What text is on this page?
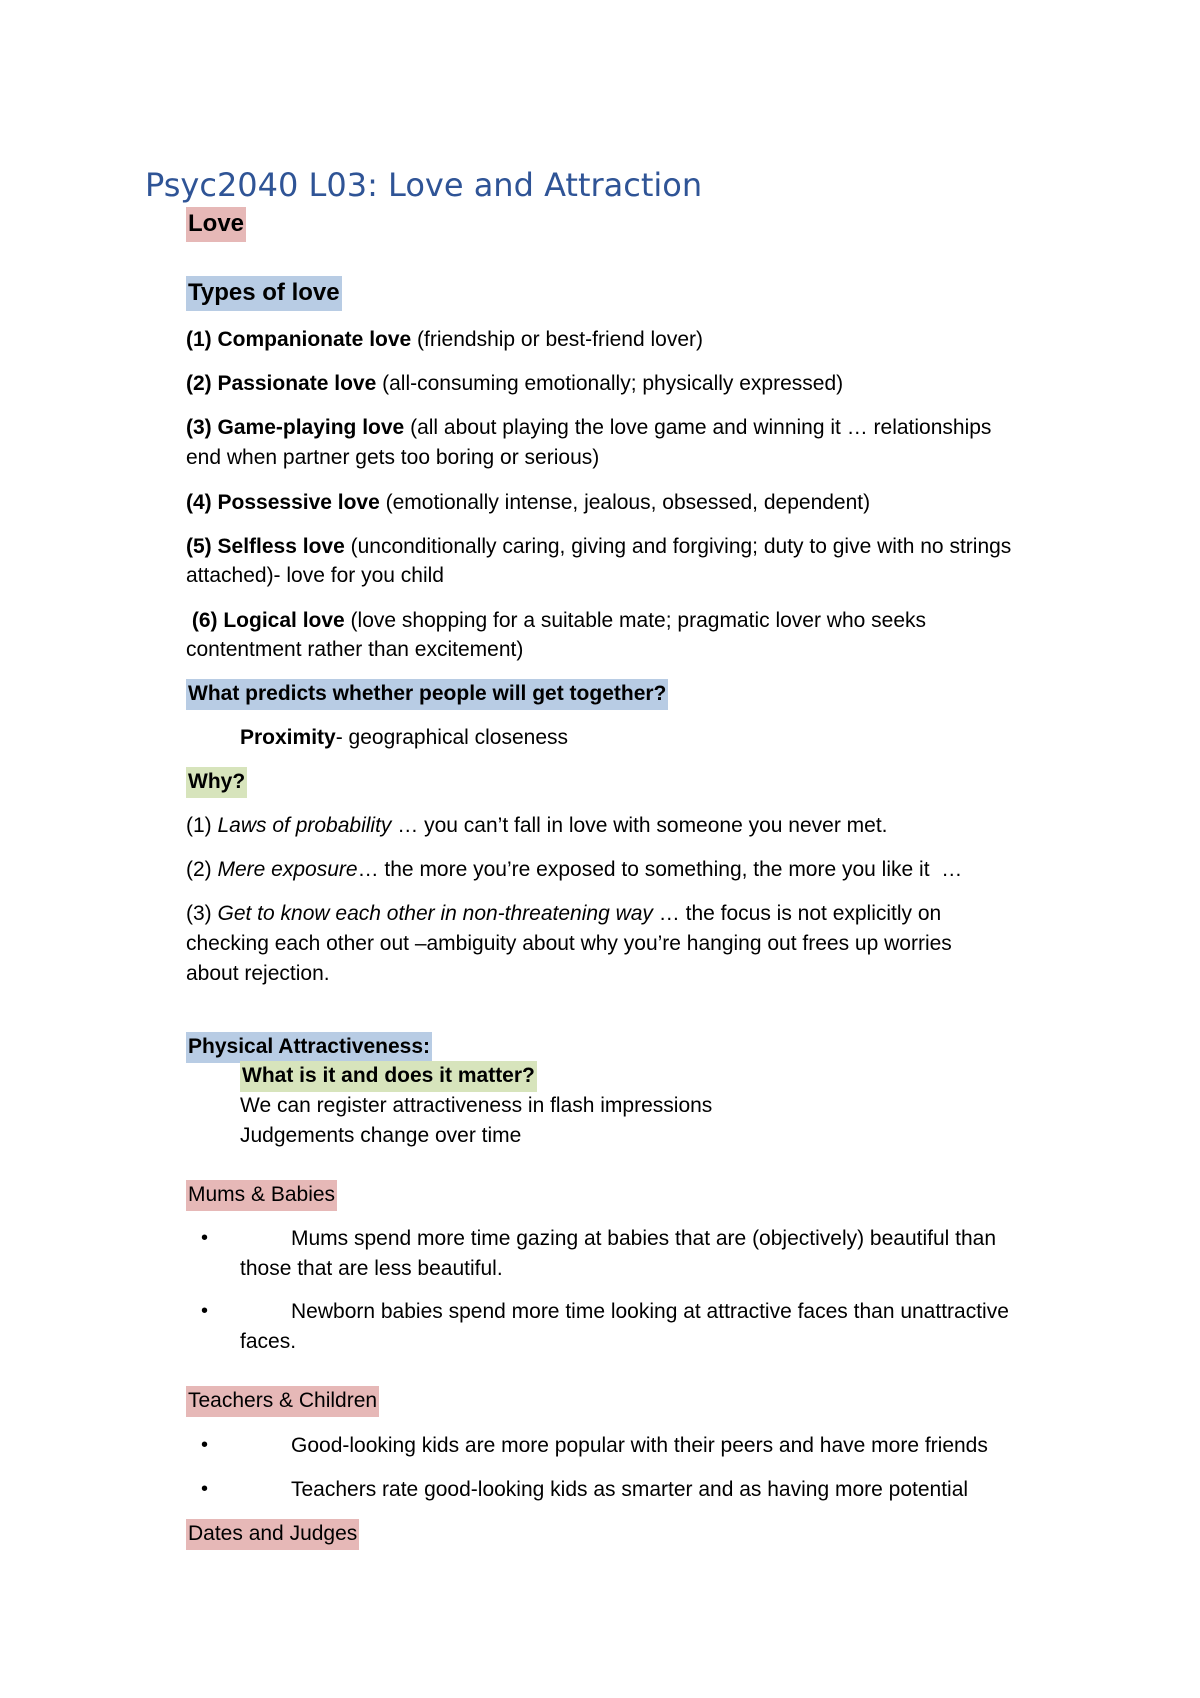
Psyc2040 L03: Love and Attraction
Love
Types of love
(1) Companionate love (friendship or best-friend lover)
(2) Passionate love (all-consuming emotionally; physically expressed)
(3) Game-playing love (all about playing the love game and winning it … relationships
end when partner gets too boring or serious)
(4) Possessive love (emotionally intense, jealous, obsessed, dependent)
(5) Selfless love (unconditionally caring, giving and forgiving; duty to give with no strings
attached)- love for you child
(6) Logical love (love shopping for a suitable mate; pragmatic lover who seeks
contentment rather than excitement)
What predicts whether people will get together?
Proximity- geographical closeness
Why?
(1) Laws of probability … you can’t fall in love with someone you never met.
(2) Mere exposure… the more you’re exposed to something, the more you like it  …
(3) Get to know each other in non-threatening way … the focus is not explicitly on
checking each other out –ambiguity about why you’re hanging out frees up worries
about rejection.
Physical Attractiveness:
What is it and does it matter?
We can register attractiveness in flash impressions
Judgements change over time
Mums & Babies
•	Mums spend more time gazing at babies that are (objectively) beautiful than
those that are less beautiful.
•	Newborn babies spend more time looking at attractive faces than unattractive
faces.
Teachers & Children
•	Good-looking kids are more popular with their peers and have more friends
•	Teachers rate good-looking kids as smarter and as having more potential
Dates and Judges
